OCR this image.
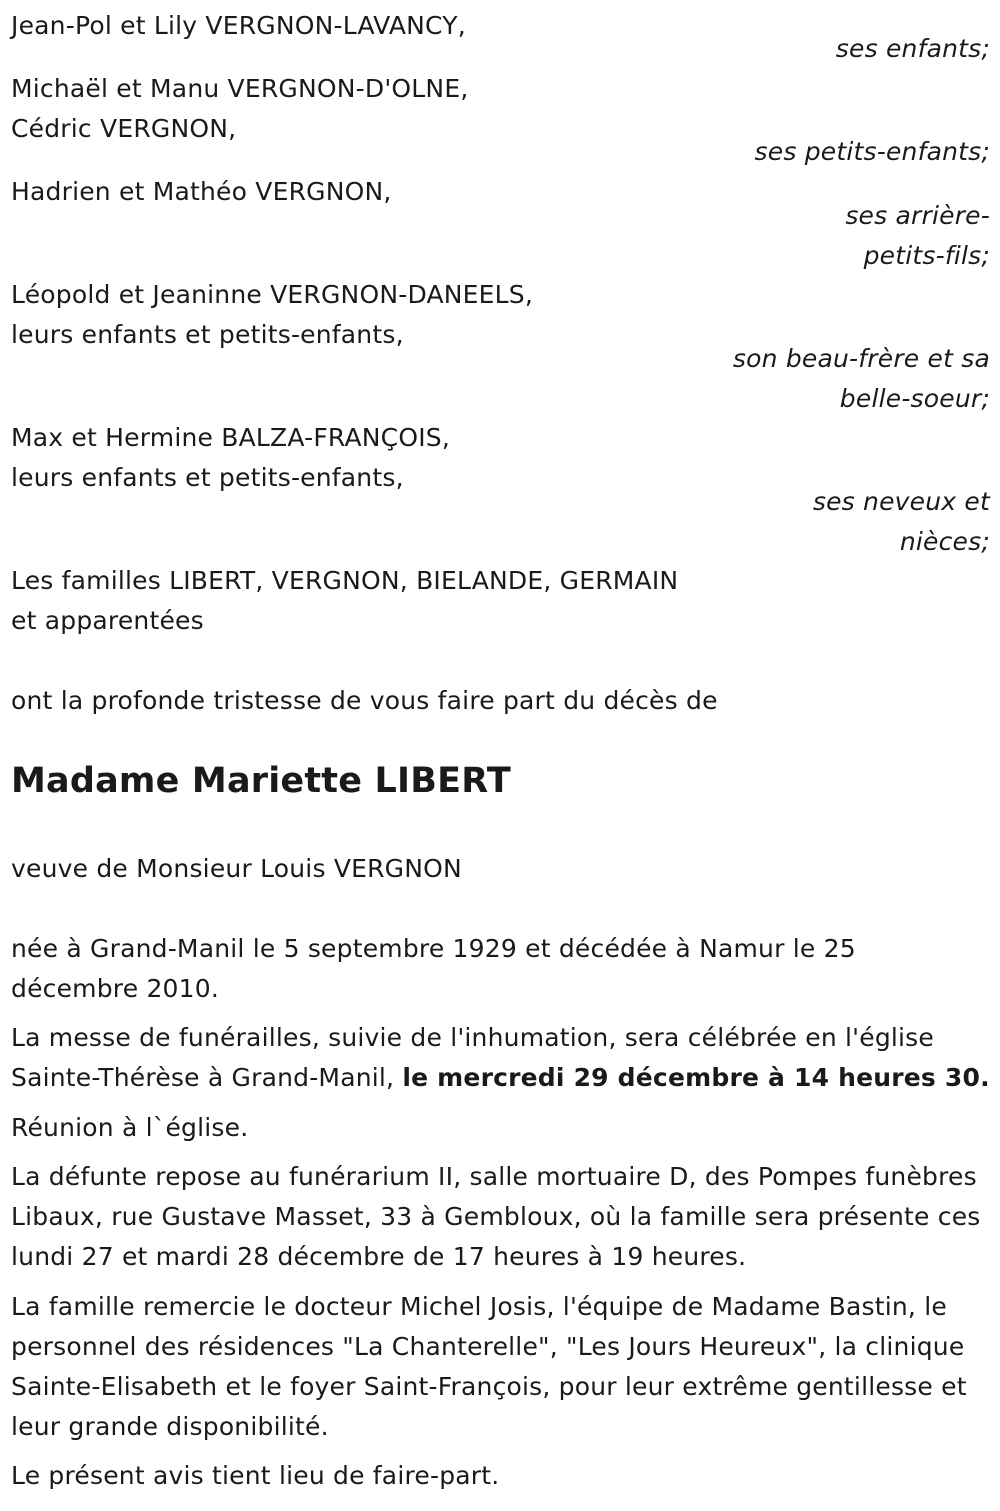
Jean-Pol et Lily VERGNON-LAVANCY,
ses enfants;
Michaël et Manu VERGNON-D'OLNE,
Cédric VERGNON,
ses petits-enfants;
Hadrien et Mathéo VERGNON,
ses arrière-
petits-fils;
Léopold et Jeaninne VERGNON-DANEELS,
leurs enfants et petits-enfants,
son beau-frère et sa
belle-soeur;
Max et Hermine BALZA-FRANÇOIS,
leurs enfants et petits-enfants,
ses neveux et
nièces;
Les familles LIBERT, VERGNON, BIELANDE, GERMAIN
et apparentées
ont la profonde tristesse de vous faire part du décès de
Madame Mariette LIBERT
veuve de Monsieur Louis VERGNON

née à Grand-Manil le 5 septembre 1929 et décédée à Namur le 25 décembre 2010.

La messe de funérailles, suivie de l'inhumation, sera célébrée en l'église Sainte-Thérèse à Grand-Manil, le mercredi 29 décembre à 14 heures 30.

Réunion à l`église.

La défunte repose au funérarium II, salle mortuaire D, des Pompes funèbres Libaux, rue Gustave Masset, 33 à Gembloux, où la famille sera présente ces lundi 27 et mardi 28 décembre de 17 heures à 19 heures.

La famille remercie le docteur Michel Josis, l'équipe de Madame Bastin, le personnel des résidences "La Chanterelle", "Les Jours Heureux", la clinique Sainte-Elisabeth et le foyer Saint-François, pour leur extrême gentillesse et leur grande disponibilité.

Le présent avis tient lieu de faire-part.
